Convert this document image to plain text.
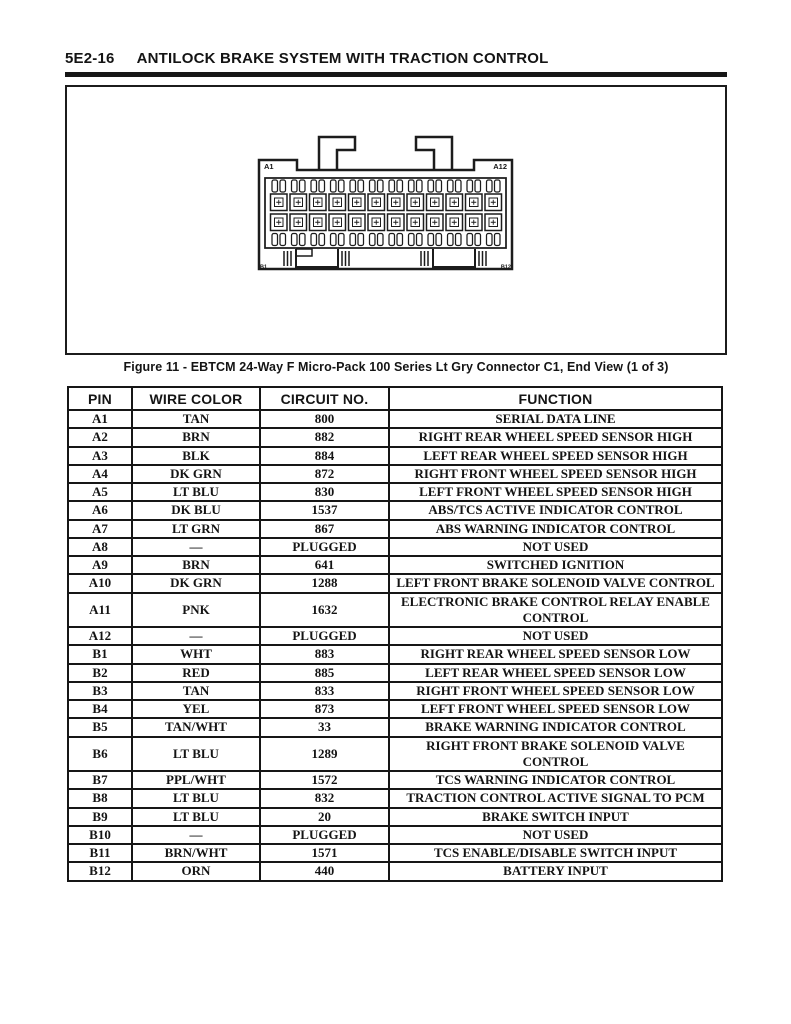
5E2-16 ANTILOCK BRAKE SYSTEM WITH TRACTION CONTROL
A1	A12
B1	B12
Figure 11 - EBTCM 24-Way F Micro-Pack 100 Series Lt Gry Connector C1, End View (1 of 3)
PIN	WIRE COLOR	CIRCUIT NO.	FUNCTION
A1	TAN	800	SERIAL DATA LINE
A2	BRN	882	RIGHT REAR WHEEL SPEED SENSOR HIGH
A3	BLK	884	LEFT REAR WHEEL SPEED SENSOR HIGH
A4	DK GRN	872	RIGHT FRONT WHEEL SPEED SENSOR HIGH
A5	LT BLU	830	LEFT FRONT WHEEL SPEED SENSOR HIGH
A6	DK BLU	1537	ABS/TCS ACTIVE INDICATOR CONTROL
A7	LT GRN	867	ABS WARNING INDICATOR CONTROL
A8	—	PLUGGED	NOT USED
A9	BRN	641	SWITCHED IGNITION
A10	DK GRN	1288	LEFT FRONT BRAKE SOLENOID VALVE CONTROL
A11	PNK	1632	ELECTRONIC BRAKE CONTROL RELAY ENABLE CONTROL
A12	—	PLUGGED	NOT USED
B1	WHT	883	RIGHT REAR WHEEL SPEED SENSOR LOW
B2	RED	885	LEFT REAR WHEEL SPEED SENSOR LOW
B3	TAN	833	RIGHT FRONT WHEEL SPEED SENSOR LOW
B4	YEL	873	LEFT FRONT WHEEL SPEED SENSOR LOW
B5	TAN/WHT	33	BRAKE WARNING INDICATOR CONTROL
B6	LT BLU	1289	RIGHT FRONT BRAKE SOLENOID VALVE CONTROL
B7	PPL/WHT	1572	TCS WARNING INDICATOR CONTROL
B8	LT BLU	832	TRACTION CONTROL ACTIVE SIGNAL TO PCM
B9	LT BLU	20	BRAKE SWITCH INPUT
B10	—	PLUGGED	NOT USED
B11	BRN/WHT	1571	TCS ENABLE/DISABLE SWITCH INPUT
B12	ORN	440	BATTERY INPUT
